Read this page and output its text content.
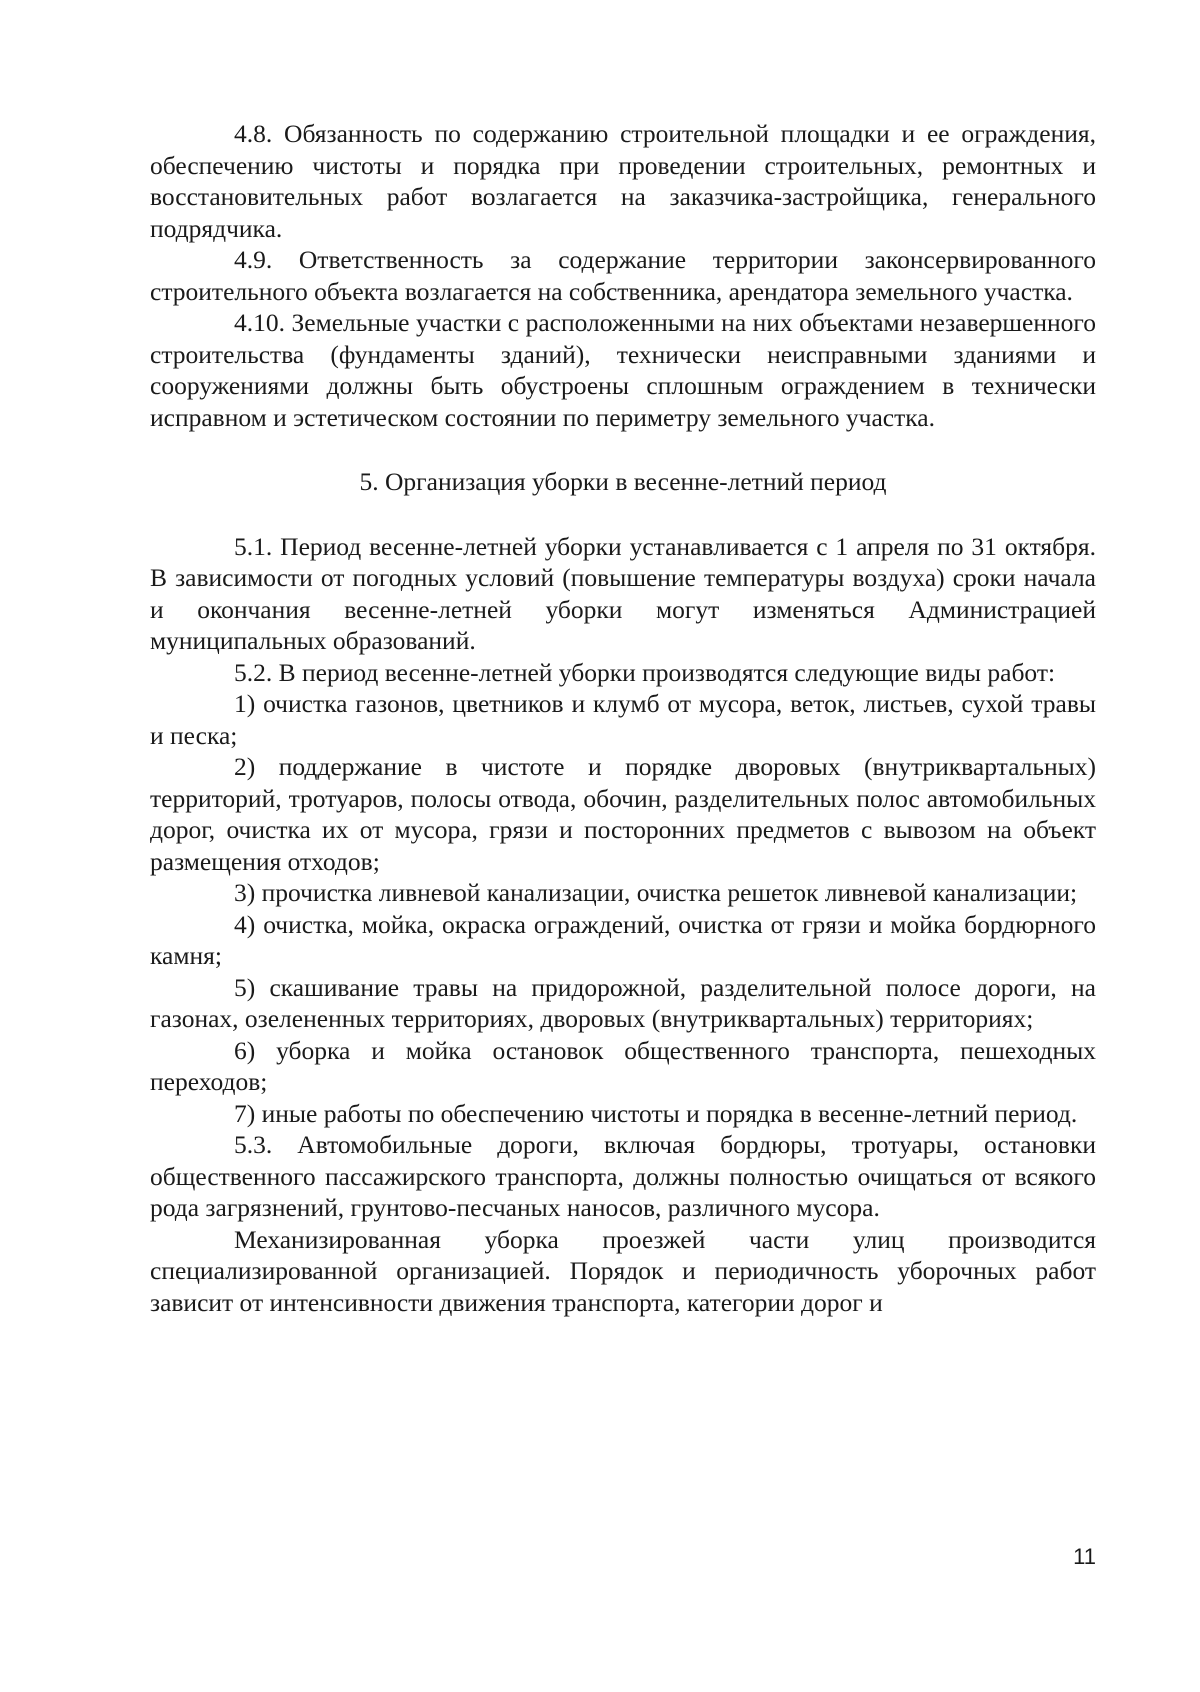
4.8. Обязанность по содержанию строительной площадки и ее ограждения, обеспечению чистоты и порядка при проведении строительных, ремонтных и восстановительных работ возлагается на заказчика-застройщика, генерального подрядчика.

4.9. Ответственность за содержание территории законсервированного строительного объекта возлагается на собственника, арендатора земельного участка.

4.10. Земельные участки с расположенными на них объектами незавершенного строительства (фундаменты зданий), технически неисправными зданиями и сооружениями должны быть обустроены сплошным ограждением в технически исправном и эстетическом состоянии по периметру земельного участка.

5. Организация уборки в весенне-летний период

5.1. Период весенне-летней уборки устанавливается с 1 апреля по 31 октября. В зависимости от погодных условий (повышение температуры воздуха) сроки начала и окончания весенне-летней уборки могут изменяться Администрацией муниципальных образований.

5.2. В период весенне-летней уборки производятся следующие виды работ:

1) очистка газонов, цветников и клумб от мусора, веток, листьев, сухой травы и песка;

2) поддержание в чистоте и порядке дворовых (внутриквартальных) территорий, тротуаров, полосы отвода, обочин, разделительных полос автомобильных дорог, очистка их от мусора, грязи и посторонних предметов с вывозом на объект размещения отходов;

3) прочистка ливневой канализации, очистка решеток ливневой канализации;

4) очистка, мойка, окраска ограждений, очистка от грязи и мойка бордюрного камня;

5) скашивание травы на придорожной, разделительной полосе дороги, на газонах, озелененных территориях, дворовых (внутриквартальных) территориях;

6) уборка и мойка остановок общественного транспорта, пешеходных переходов;

7) иные работы по обеспечению чистоты и порядка в весенне-летний период.

5.3. Автомобильные дороги, включая бордюры, тротуары, остановки общественного пассажирского транспорта, должны полностью очищаться от всякого рода загрязнений, грунтово-песчаных наносов, различного мусора.

Механизированная уборка проезжей части улиц производится специализированной организацией. Порядок и периодичность уборочных работ зависит от интенсивности движения транспорта, категории дорог и

11
